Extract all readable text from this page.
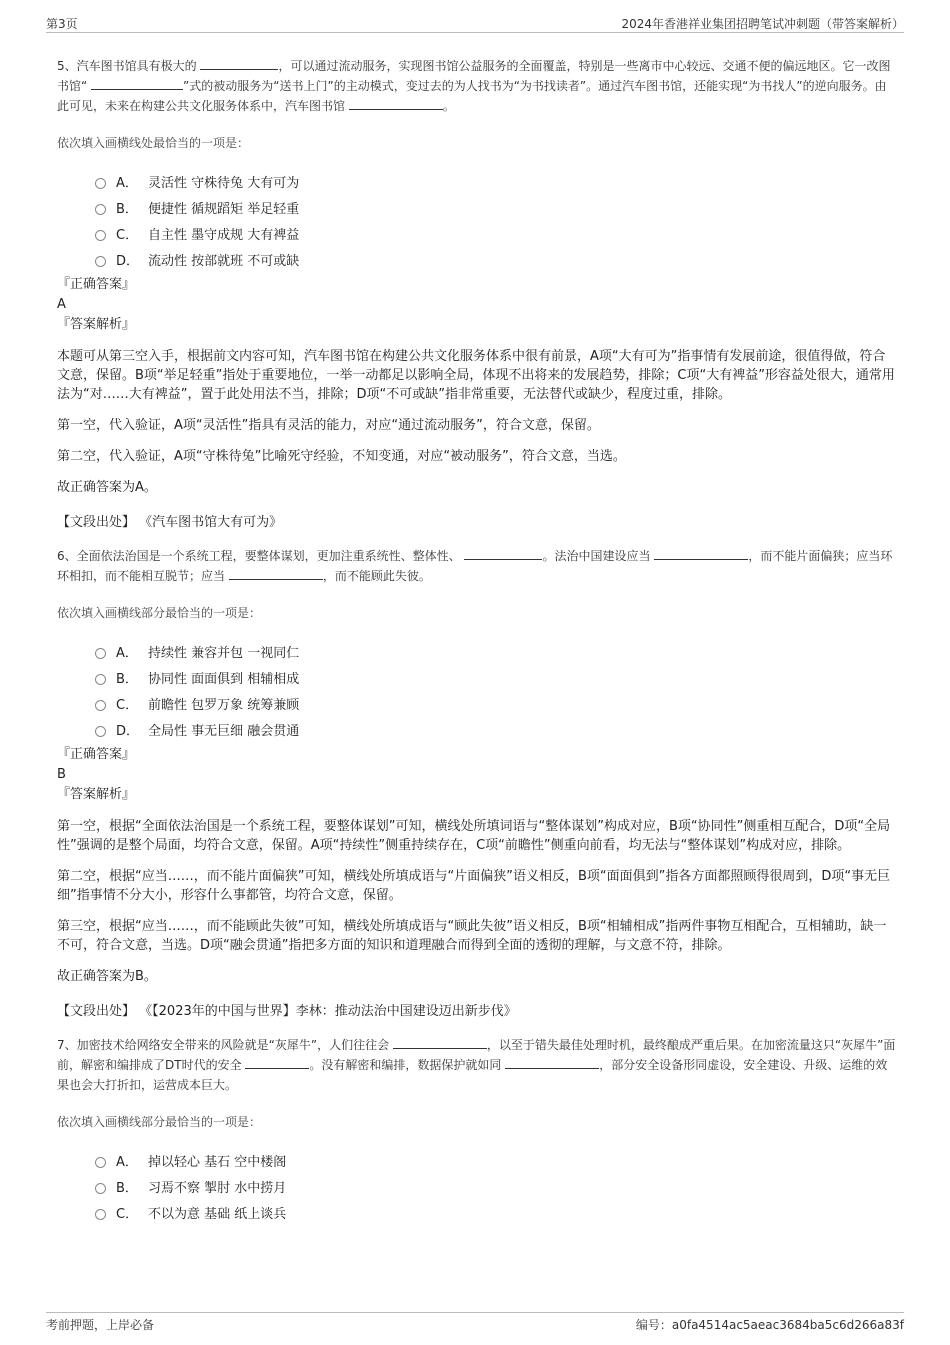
第3页	2024年香港祥业集团招聘笔试冲刺题（带答案解析）

5、汽车图书馆具有极大的	，可以通过流动服务，实现图书馆公益服务的全面覆盖，特别是一些离市中心较远、交通不便的偏远地区。它一改图书馆“	”式的被动服务为“送书上门”的主动模式，变过去的为人找书为“为书找读者”。通过汽车图书馆，还能实现“为书找人”的逆向服务。由此可见，未来在构建公共文化服务体系中，汽车图书馆	。

依次填入画横线处最恰当的一项是：
A． 灵活性 守株待兔 大有可为
B． 便捷性 循规蹈矩 举足轻重
C． 自主性 墨守成规 大有裨益
D． 流动性 按部就班 不可或缺
『正确答案』
A
『答案解析』

本题可从第三空入手，根据前文内容可知，汽车图书馆在构建公共文化服务体系中很有前景，A项“大有可为”指事情有发展前途，很值得做，符合文意，保留。B项“举足轻重”指处于重要地位，一举一动都足以影响全局，体现不出将来的发展趋势，排除；C项“大有裨益”形容益处很大，通常用法为“对……大有裨益”，置于此处用法不当，排除；D项“不可或缺”指非常重要，无法替代或缺少，程度过重，排除。

第一空，代入验证，A项“灵活性”指具有灵活的能力，对应“通过流动服务”，符合文意，保留。

第二空，代入验证，A项“守株待兔”比喻死守经验，不知变通，对应“被动服务”，符合文意，当选。

故正确答案为A。

【文段出处】 《汽车图书馆大有可为》

6、全面依法治国是一个系统工程，要整体谋划，更加注重系统性、整体性、	。法治中国建设应当	，而不能片面偏狭；应当环环相扣，而不能相互脱节；应当	，而不能顾此失彼。

依次填入画横线部分最恰当的一项是：
A． 持续性 兼容并包 一视同仁
B． 协同性 面面俱到 相辅相成
C． 前瞻性 包罗万象 统筹兼顾
D． 全局性 事无巨细 融会贯通
『正确答案』
B
『答案解析』

第一空，根据“全面依法治国是一个系统工程，要整体谋划”可知，横线处所填词语与“整体谋划”构成对应，B项“协同性”侧重相互配合，D项“全局性”强调的是整个局面，均符合文意，保留。A项“持续性”侧重持续存在，C项“前瞻性”侧重向前看，均无法与“整体谋划”构成对应，排除。

第二空，根据“应当……，而不能片面偏狭”可知，横线处所填成语与“片面偏狭”语义相反，B项“面面俱到”指各方面都照顾得很周到，D项“事无巨细”指事情不分大小，形容什么事都管，均符合文意，保留。

第三空，根据“应当……，而不能顾此失彼”可知，横线处所填成语与“顾此失彼”语义相反，B项“相辅相成”指两件事物互相配合，互相辅助，缺一不可，符合文意，当选。D项“融会贯通”指把多方面的知识和道理融合而得到全面的透彻的理解，与文意不符，排除。

故正确答案为B。

【文段出处】 《【2023年的中国与世界】李林：推动法治中国建设迈出新步伐》

7、加密技术给网络安全带来的风险就是“灰犀牛”，人们往往会	，以至于错失最佳处理时机，最终酿成严重后果。在加密流量这只“灰犀牛”面前，解密和编排成了DT时代的安全	。没有解密和编排，数据保护就如同	，部分安全设备形同虚设，安全建设、升级、运维的效果也会大打折扣，运营成本巨大。

依次填入画横线部分最恰当的一项是：
A． 掉以轻心 基石 空中楼阁
B． 习焉不察 掣肘 水中捞月
C． 不以为意 基础 纸上谈兵
考前押题，上岸必备	编号：a0fa4514ac5aeac3684ba5c6d266a83f
